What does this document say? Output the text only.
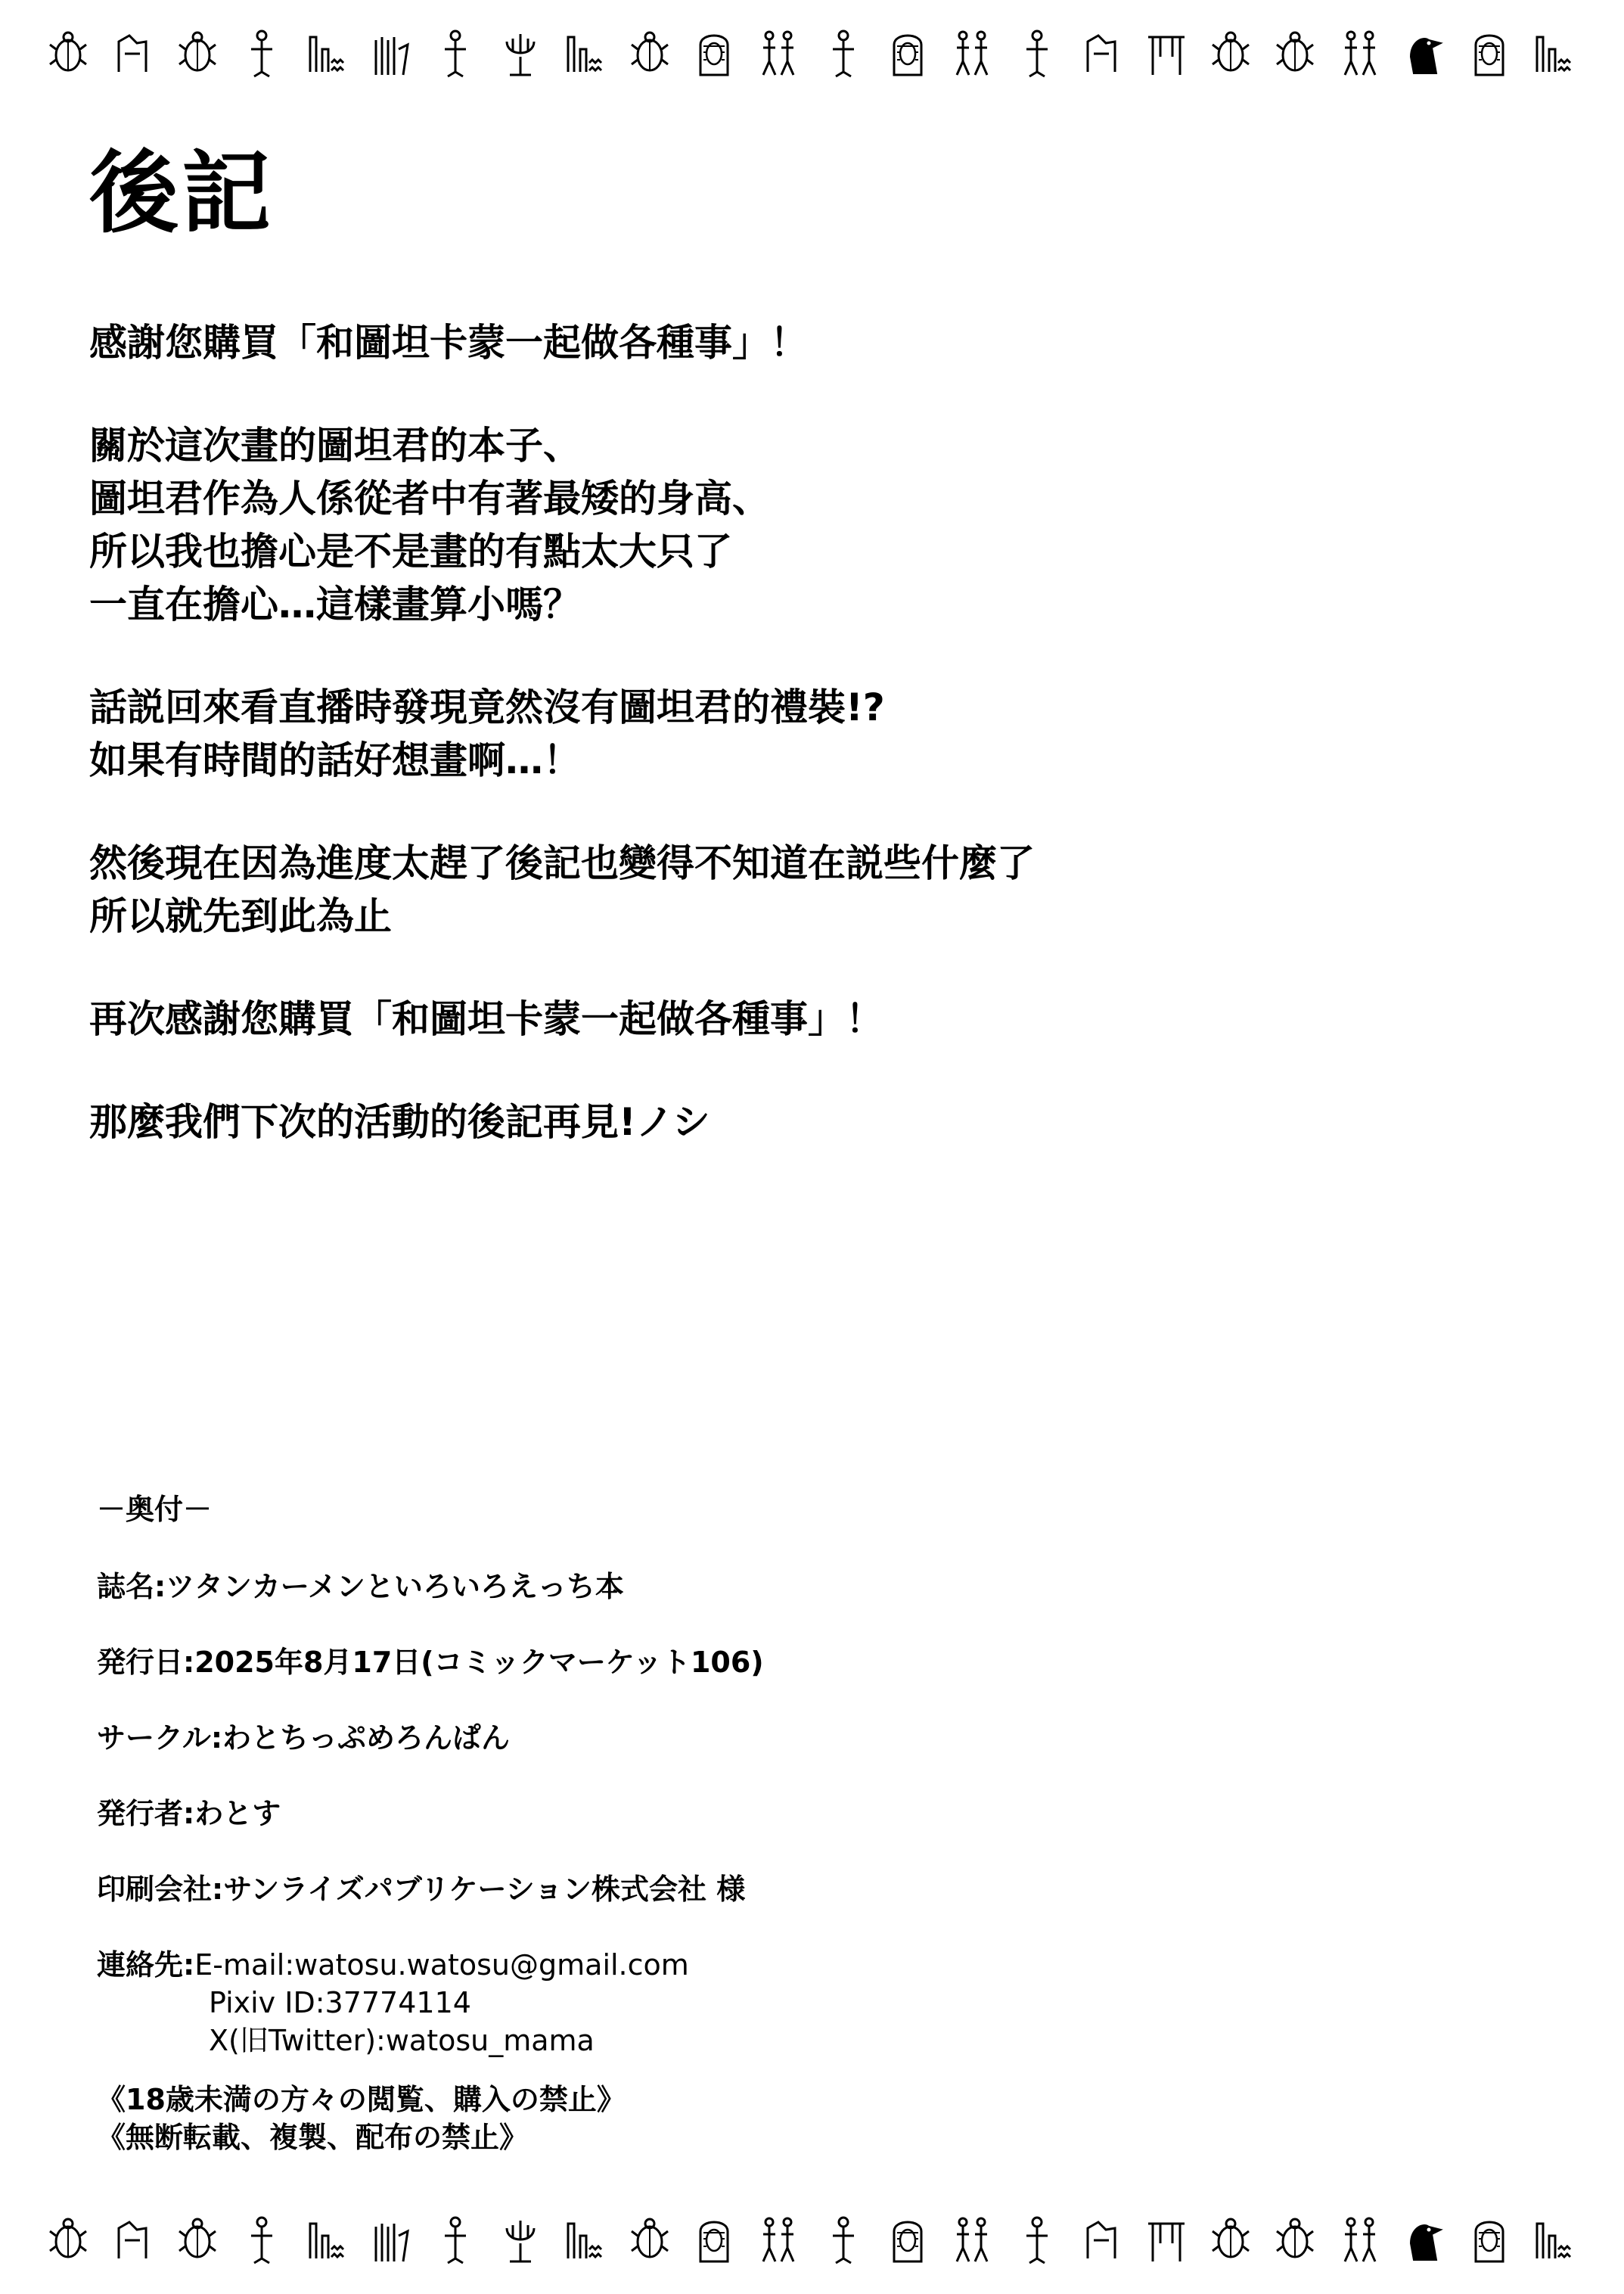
後記
感謝您購買「和圖坦卡蒙一起做各種事」！
關於這次畫的圖坦君的本子、
圖坦君作為人係從者中有著最矮的身高、
所以我也擔心是不是畫的有點太大只了
一直在擔心…這樣畫算小嗎？
話説回來看直播時發現竟然沒有圖坦君的禮裝!?
如果有時間的話好想畫啊…！
然後現在因為進度太趕了後記也變得不知道在説些什麼了
所以就先到此為止
再次感謝您購買「和圖坦卡蒙一起做各種事」！
那麼我們下次的活動的後記再見!ノシ
－奥付－
誌名:ツタンカーメンといろいろえっち本
発行日:2025年8月17日(コミックマーケット106)
サークル:わとちっぷめろんぱん
発行者:わとす
印刷会社:サンライズパブリケーション株式会社 様
連絡先:E-mail:watosu.watosu@gmail.com
Pixiv ID:37774114
X(旧Twitter):watosu_mama
《18歳未満の方々の閲覧、購入の禁止》
《無断転載、複製、配布の禁止》
